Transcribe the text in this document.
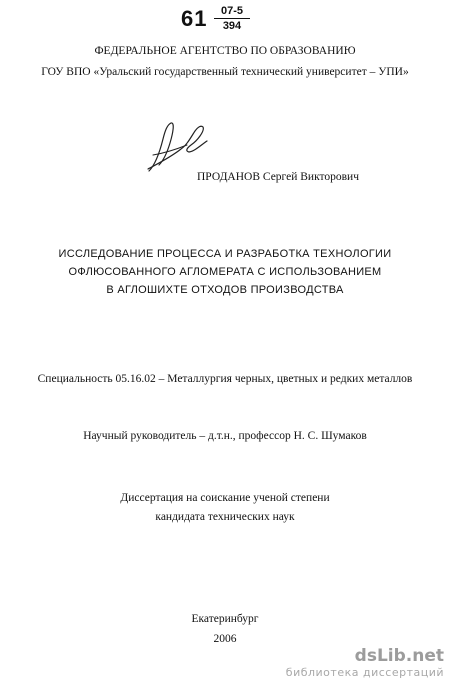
61	07-5
394
ФЕДЕРАЛЬНОЕ АГЕНТСТВО ПО ОБРАЗОВАНИЮ
ГОУ ВПО «Уральский государственный технический университет – УПИ»
ПРОДАНОВ Сергей Викторович
ИССЛЕДОВАНИЕ ПРОЦЕССА И РАЗРАБОТКА ТЕХНОЛОГИИ
ОФЛЮСОВАННОГО АГЛОМЕРАТА С ИСПОЛЬЗОВАНИЕМ
В АГЛОШИХТЕ ОТХОДОВ ПРОИЗВОДСТВА
Специальность 05.16.02 – Металлургия черных, цветных и редких металлов
Научный руководитель – д.т.н., профессор Н. С. Шумаков
Диссертация на соискание ученой степени
кандидата технических наук
Екатеринбург
2006
dsLib.net
библиотека диссертаций
